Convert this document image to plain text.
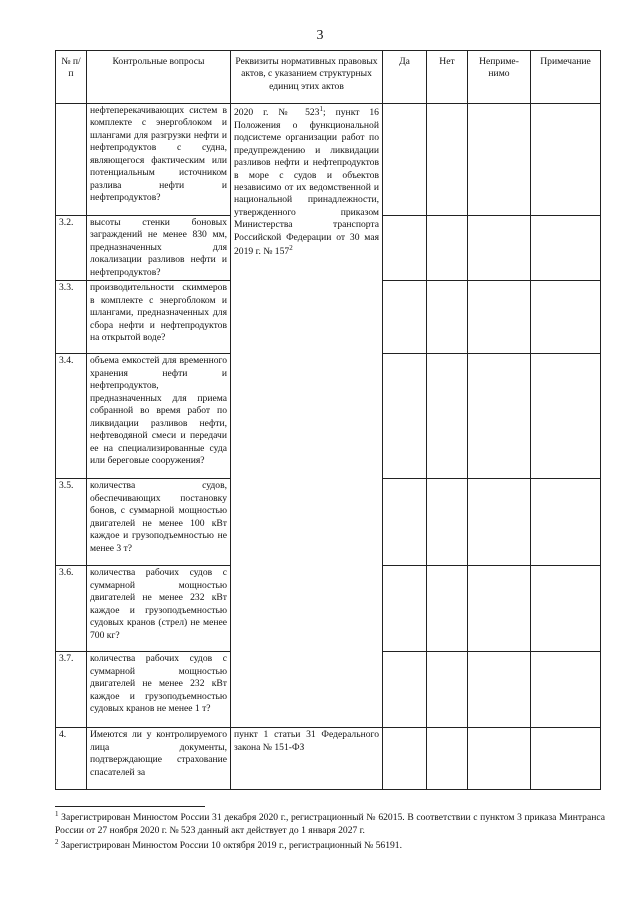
3
№ п/п	Контрольные вопросы	Реквизиты нормативных правовых актов, с указанием структурных единиц этих актов	Да	Нет	Неприме-нимо	Примечание
	нефтеперекачивающих систем в комплекте с энергоблоком и шлангами для разгрузки нефти и нефтепродуктов с судна, являющегося фактическим или потенциальным источником разлива нефти и нефтепродуктов?	2020 г. № $523^1$; пункт 16 Положения о функциональной подсистеме организации работ по предупреждению и ликвидации разливов нефти и нефтепродуктов в море с судов и объектов независимо от их ведомственной и национальной принадлежности, утвержденного приказом Министерства транспорта Российской Федерации от 30 мая 2019 г. № $157^2$				
3.2.	высоты стенки боновых заграждений не менее 830 мм, предназначенных для локализации разливов нефти и нефтепродуктов?					
3.3.	производительности скиммеров в комплекте с энергоблоком и шлангами, предназначенных для сбора нефти и нефтепродуктов на открытой воде?					
3.4.	объема емкостей для временного хранения нефти и нефтепродуктов, предназначенных для приема собранной во время работ по ликвидации разливов нефти, нефтеводяной смеси и передачи ее на специализированные суда или береговые сооружения?					
3.5.	количества судов, обеспечивающих постановку бонов, с суммарной мощностью двигателей не менее 100 кВт каждое и грузоподъемностью не менее 3 т?					
3.6.	количества рабочих судов с суммарной мощностью двигателей не менее 232 кВт каждое и грузоподъемностью судовых кранов (стрел) не менее 700 кг?					
3.7.	количества рабочих судов с суммарной мощностью двигателей не менее 232 кВт каждое и грузоподъемностью судовых кранов не менее 1 т?					
4.	Имеются ли у контролируемого лица документы, подтверждающие страхование спасателей за	пункт 1 статьи 31 Федерального закона № 151-ФЗ				
$^1$ Зарегистрирован Минюстом России 31 декабря 2020 г., регистрационный № 62015. В соответствии с пунктом 3 приказа Минтранса России от 27 ноября 2020 г. № 523 данный акт действует до 1 января 2027 г.
$^2$ Зарегистрирован Минюстом России 10 октября 2019 г., регистрационный № 56191.
